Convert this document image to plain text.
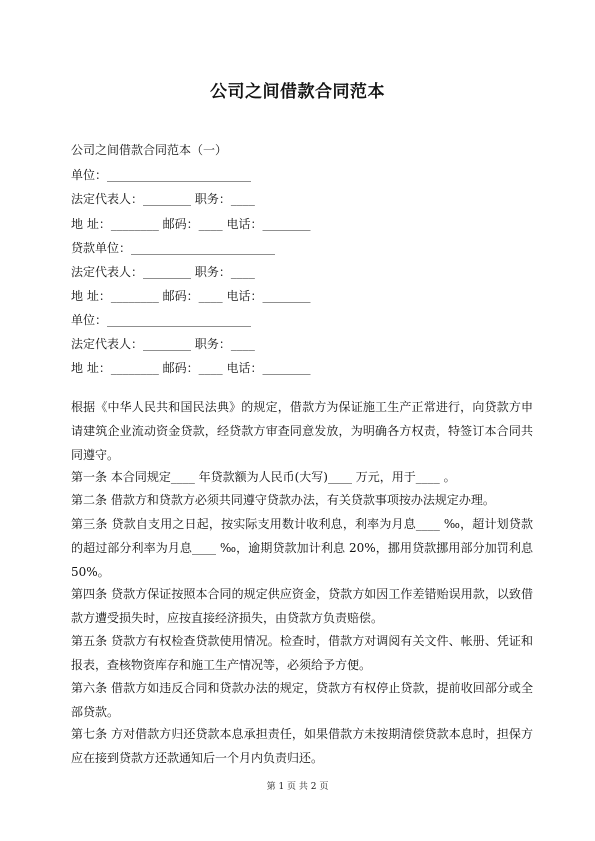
公司之间借款合同范本
公司之间借款合同范本（一）
单位：________________________
法定代表人：________ 职务：____
地 址：________ 邮码：____ 电话：________
贷款单位：________________________
法定代表人：________ 职务：____
地 址：________ 邮码：____ 电话：________
单位：________________________
法定代表人：________ 职务：____
地 址：________ 邮码：____ 电话：________
根据《中华人民共和国民法典》的规定，借款方为保证施工生产正常进行，向贷款方申请建筑企业流动资金贷款，经贷款方审查同意发放，为明确各方权责，特签订本合同共同遵守。
第一条 本合同规定____ 年贷款额为人民币(大写)____ 万元，用于____ 。
第二条 借款方和贷款方必须共同遵守贷款办法，有关贷款事项按办法规定办理。
第三条 贷款自支用之日起，按实际支用数计收利息，利率为月息____ ‰，超计划贷款的超过部分利率为月息____ ‰，逾期贷款加计利息 20%，挪用贷款挪用部分加罚利息 50%。
第四条 贷款方保证按照本合同的规定供应资金，贷款方如因工作差错贻误用款，以致借款方遭受损失时，应按直接经济损失，由贷款方负责赔偿。
第五条 贷款方有权检查贷款使用情况。检查时，借款方对调阅有关文件、帐册、凭证和报表，查核物资库存和施工生产情况等，必须给予方便。
第六条 借款方如违反合同和贷款办法的规定，贷款方有权停止贷款，提前收回部分或全部贷款。
第七条 方对借款方归还贷款本息承担责任，如果借款方未按期清偿贷款本息时，担保方应在接到贷款方还款通知后一个月内负责归还。
第 1 页 共 2 页
